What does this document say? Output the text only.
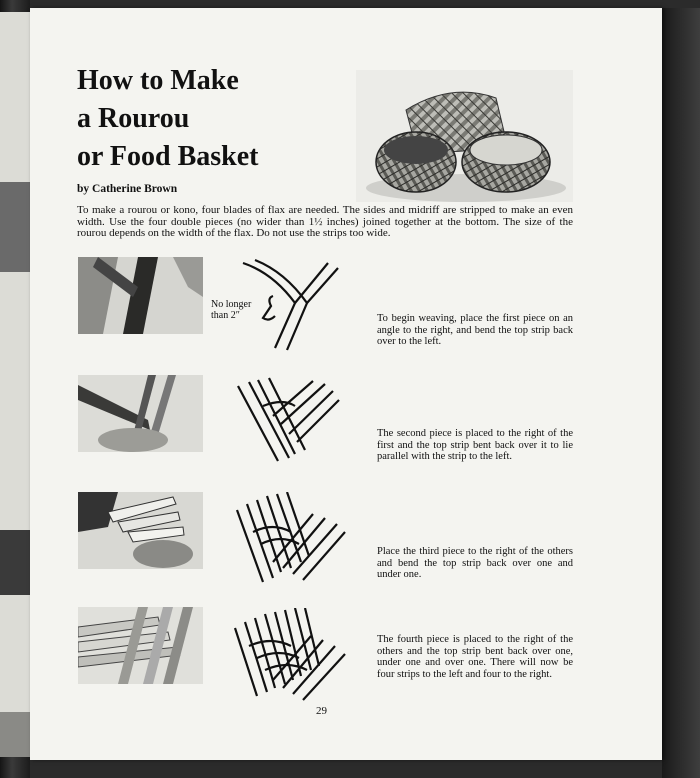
How to Make
a Rourou
or Food Basket
by Catherine Brown
To make a rourou or kono, four blades of flax are needed. The sides and midriff are stripped to make an even width. Use the four double pieces (no wider than 1½ inches) joined together at the bottom. The size of the rourou depends on the width of the flax. Do not use the strips too wide.
No longer
than 2″	To begin weaving, place the first piece on an angle to the right, and bend the top strip back over to the left.
The second piece is placed to the right of the first and the top strip bent back over it to lie parallel with the strip to the left.
Place the third piece to the right of the others and bend the top strip back over one and under one.
The fourth piece is placed to the right of the others and the top strip bent back over one, under one and over one. There will now be four strips to the left and four to the right.
29
